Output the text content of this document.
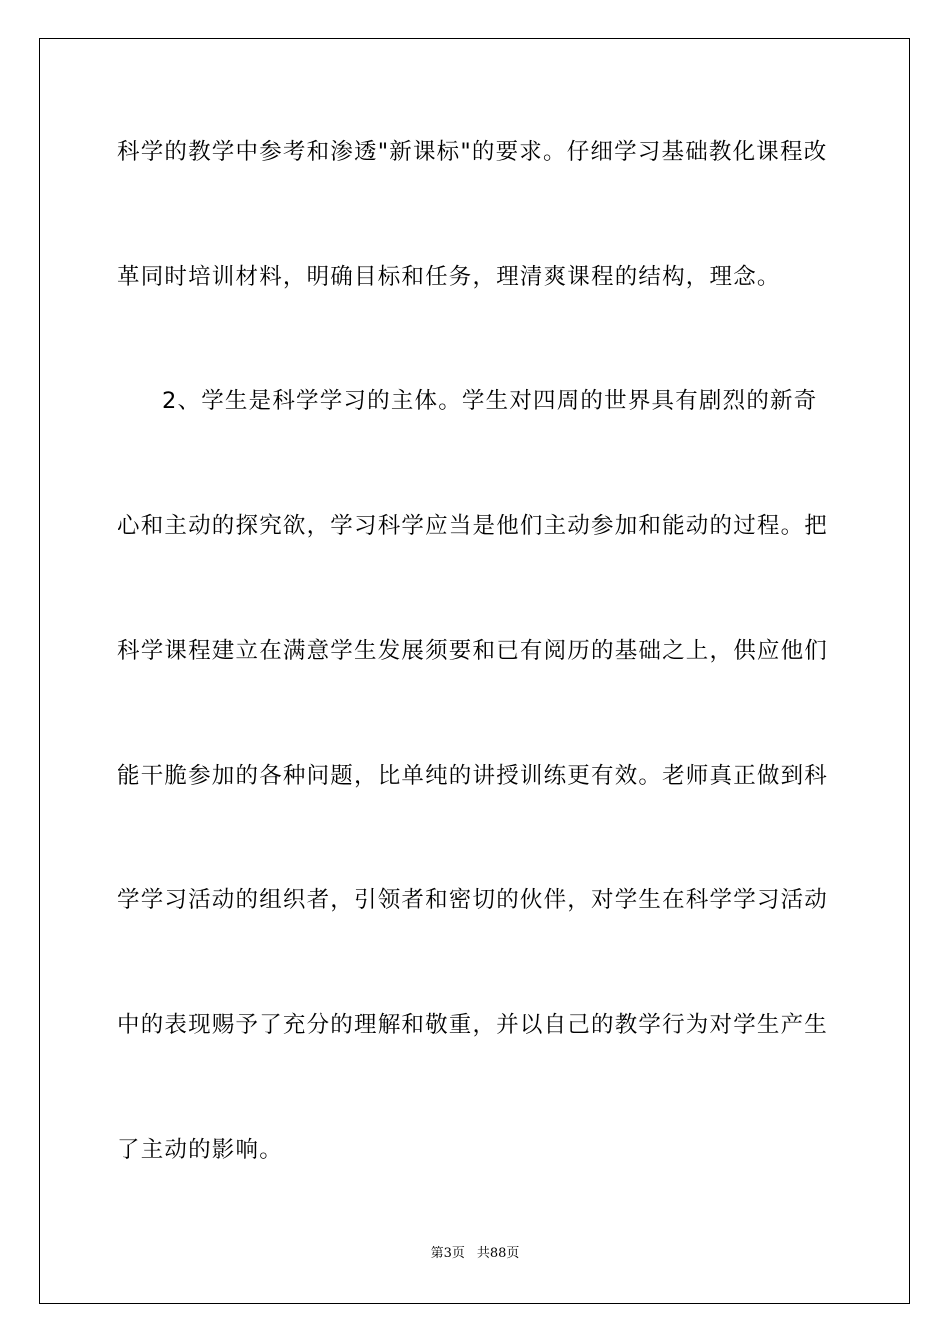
科学的教学中参考和渗透"新课标"的要求。仔细学习基础教化课程改
革同时培训材料，明确目标和任务，理清爽课程的结构，理念。
2、学生是科学学习的主体。学生对四周的世界具有剧烈的新奇
心和主动的探究欲，学习科学应当是他们主动参加和能动的过程。把
科学课程建立在满意学生发展须要和已有阅历的基础之上，供应他们
能干脆参加的各种问题，比单纯的讲授训练更有效。老师真正做到科
学学习活动的组织者，引领者和密切的伙伴，对学生在科学学习活动
中的表现赐予了充分的理解和敬重，并以自己的教学行为对学生产生
了主动的影响。
第3页 共88页
